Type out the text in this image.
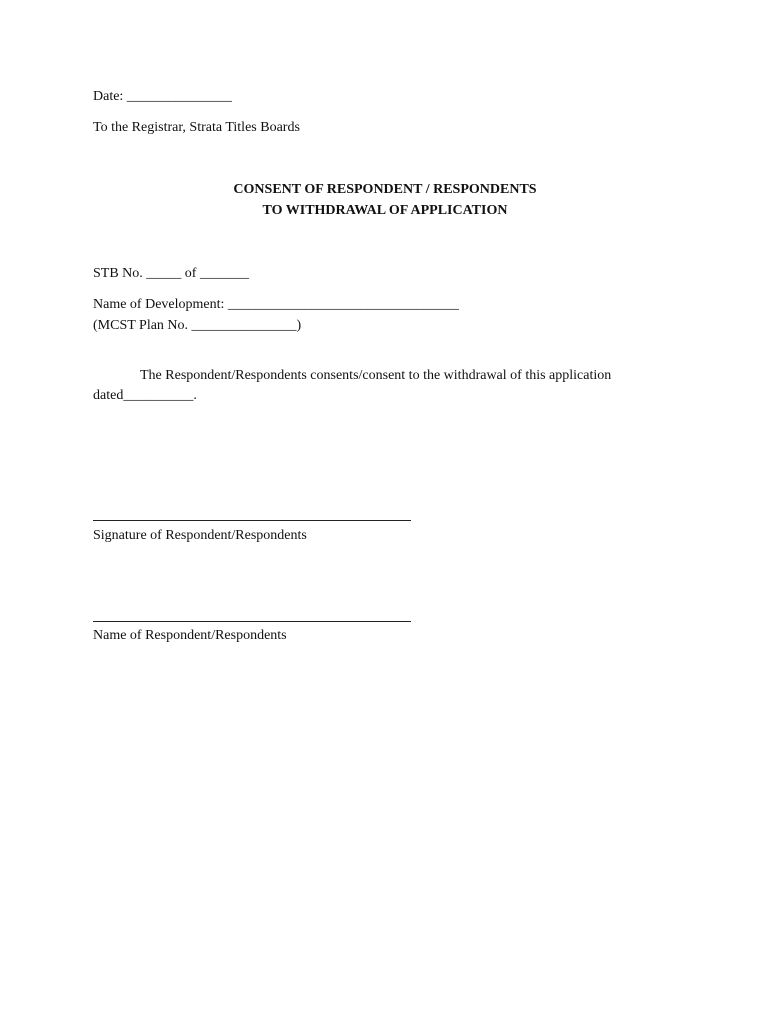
Date: _______________
To the Registrar, Strata Titles Boards
CONSENT OF RESPONDENT / RESPONDENTS
TO WITHDRAWAL OF APPLICATION
STB No. _____ of _______
Name of Development: _________________________________
(MCST Plan No. _______________)
The Respondent/Respondents consents/consent to the withdrawal of this application
dated__________.
Signature of Respondent/Respondents
Name of Respondent/Respondents
